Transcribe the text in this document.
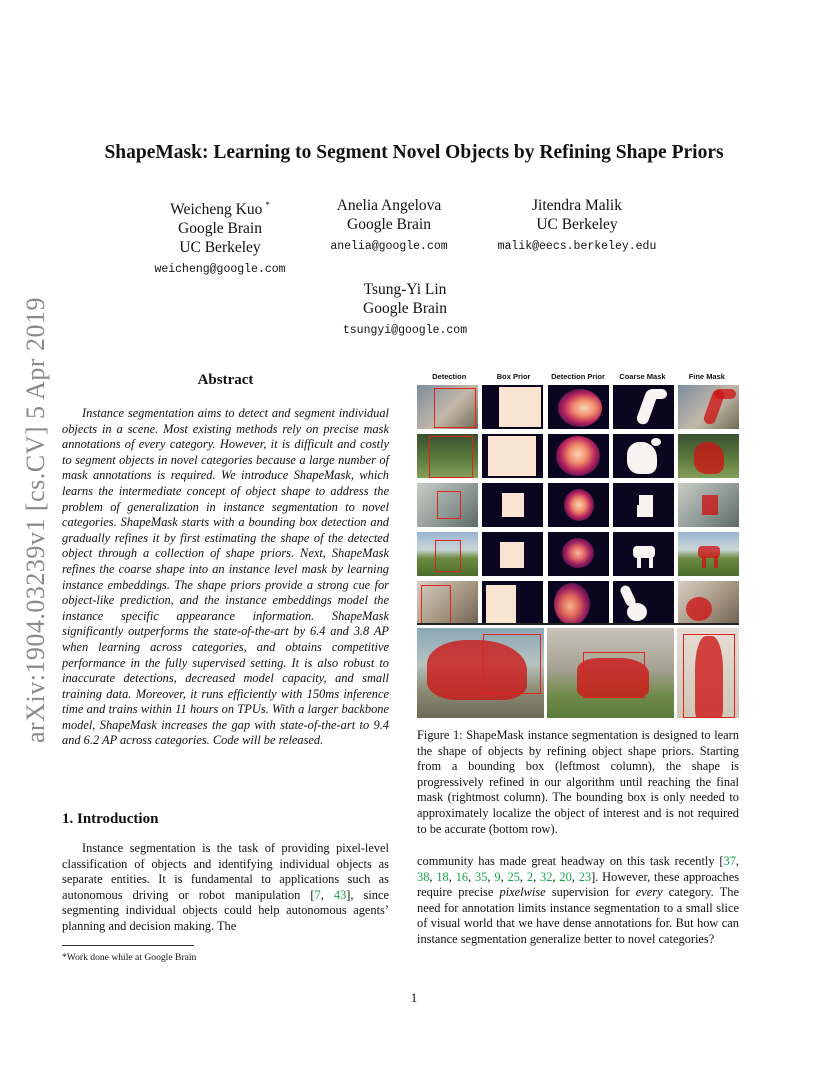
arXiv:1904.03239v1 [cs.CV] 5 Apr 2019
ShapeMask: Learning to Segment Novel Objects by Refining Shape Priors
Weicheng Kuo *
Google Brain
UC Berkeley
weicheng@google.com
Anelia Angelova
Google Brain
anelia@google.com
Jitendra Malik
UC Berkeley
malik@eecs.berkeley.edu
Tsung-Yi Lin
Google Brain
tsungyi@google.com
Abstract

Instance segmentation aims to detect and segment individual objects in a scene. Most existing methods rely on precise mask annotations of every category. However, it is difficult and costly to segment objects in novel categories because a large number of mask annotations is required. We introduce ShapeMask, which learns the intermediate concept of object shape to address the problem of generalization in instance segmentation to novel categories. ShapeMask starts with a bounding box detection and gradually refines it by first estimating the shape of the detected object through a collection of shape priors. Next, ShapeMask refines the coarse shape into an instance level mask by learning instance embeddings. The shape priors provide a strong cue for object-like prediction, and the instance embeddings model the instance specific appearance information. ShapeMask significantly outperforms the state-of-the-art by 6.4 and 3.8 AP when learning across categories, and obtains competitive performance in the fully supervised setting. It is also robust to inaccurate detections, decreased model capacity, and small training data. Moreover, it runs efficiently with 150ms inference time and trains within 11 hours on TPUs. With a larger backbone model, ShapeMask increases the gap with state-of-the-art to 9.4 and 6.2 AP across categories. Code will be released.

1. Introduction

Instance segmentation is the task of providing pixel-level classification of objects and identifying individual objects as separate entities. It is fundamental to applications such as autonomous driving or robot manipulation [7, 43], since segmenting individual objects could help autonomous agents’ planning and decision making. The

*Work done while at Google Brain
1
Detection	Box Prior	Detection Prior	Coarse Mask	Fine Mask

Figure 1: ShapeMask instance segmentation is designed to learn the shape of objects by refining object shape priors. Starting from a bounding box (leftmost column), the shape is progressively refined in our algorithm until reaching the final mask (rightmost column). The bounding box is only needed to approximately localize the object of interest and is not required to be accurate (bottom row).

community has made great headway on this task recently [37, 38, 18, 16, 35, 9, 25, 2, 32, 20, 23]. However, these approaches require precise pixelwise supervision for every category. The need for annotation limits instance segmentation to a small slice of visual world that we have dense annotations for. But how can instance segmentation generalize better to novel categories?
